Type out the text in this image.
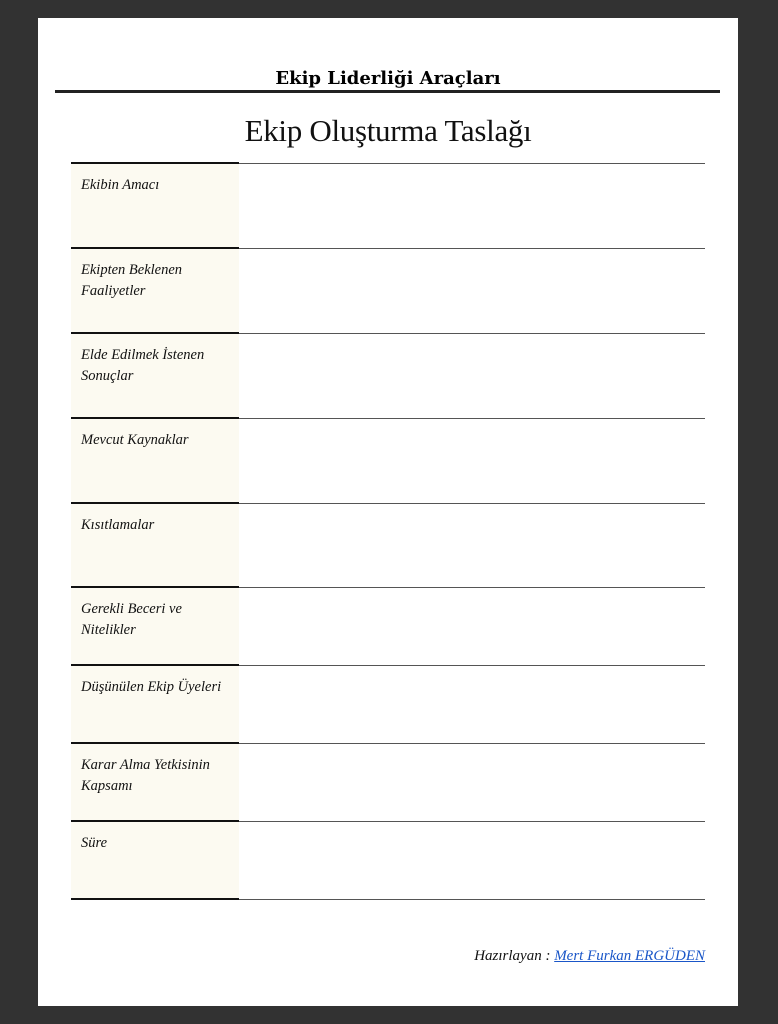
Ekip Liderliği Araçları
Ekip Oluşturma Taslağı
Ekibin Amacı
Ekipten Beklenen Faaliyetler
Elde Edilmek İstenen Sonuçlar
Mevcut Kaynaklar
Kısıtlamalar
Gerekli Beceri ve Nitelikler
Düşünülen Ekip Üyeleri
Karar Alma Yetkisinin Kapsamı
Süre
Hazırlayan : Mert Furkan ERGÜDEN
